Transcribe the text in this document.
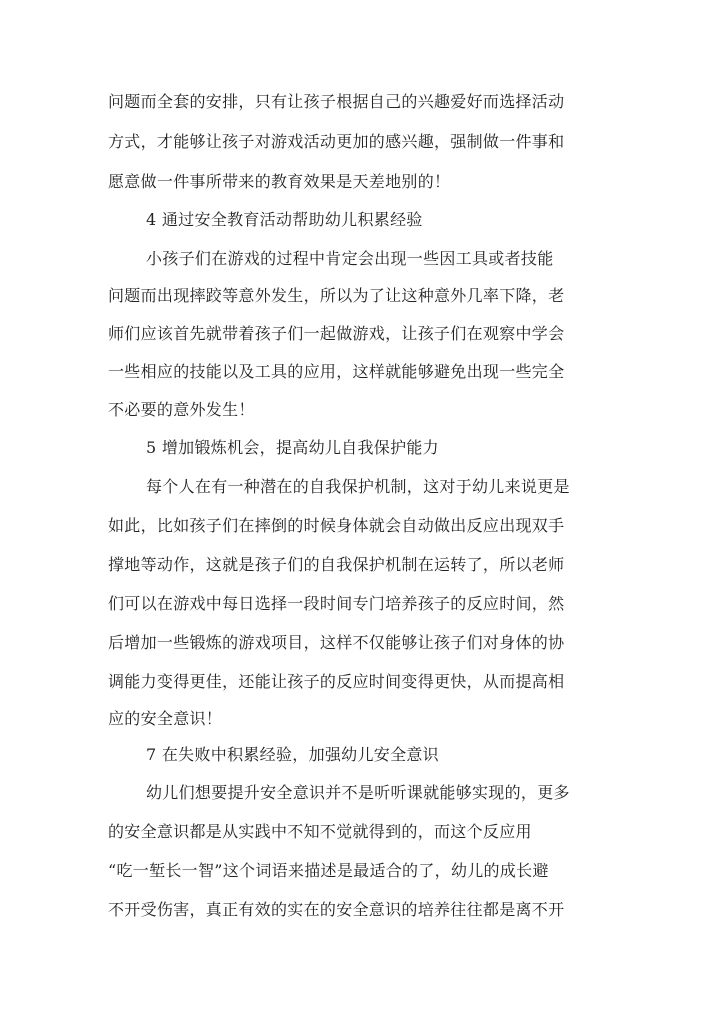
问题而全套的安排，只有让孩子根据自己的兴趣爱好而选择活动
方式，才能够让孩子对游戏活动更加的感兴趣，强制做一件事和
愿意做一件事所带来的教育效果是天差地别的！
4 通过安全教育活动帮助幼儿积累经验
小孩子们在游戏的过程中肯定会出现一些因工具或者技能
问题而出现摔跤等意外发生，所以为了让这种意外几率下降，老
师们应该首先就带着孩子们一起做游戏，让孩子们在观察中学会
一些相应的技能以及工具的应用，这样就能够避免出现一些完全
不必要的意外发生！
5 增加锻炼机会，提高幼儿自我保护能力
每个人在有一种潜在的自我保护机制，这对于幼儿来说更是
如此，比如孩子们在摔倒的时候身体就会自动做出反应出现双手
撑地等动作，这就是孩子们的自我保护机制在运转了，所以老师
们可以在游戏中每日选择一段时间专门培养孩子的反应时间，然
后增加一些锻炼的游戏项目，这样不仅能够让孩子们对身体的协
调能力变得更佳，还能让孩子的反应时间变得更快，从而提高相
应的安全意识！
7 在失败中积累经验，加强幼儿安全意识
幼儿们想要提升安全意识并不是听听课就能够实现的，更多
的安全意识都是从实践中不知不觉就得到的，而这个反应用
“吃一堑长一智”这个词语来描述是最适合的了，幼儿的成长避
不开受伤害，真正有效的实在的安全意识的培养往往都是离不开
